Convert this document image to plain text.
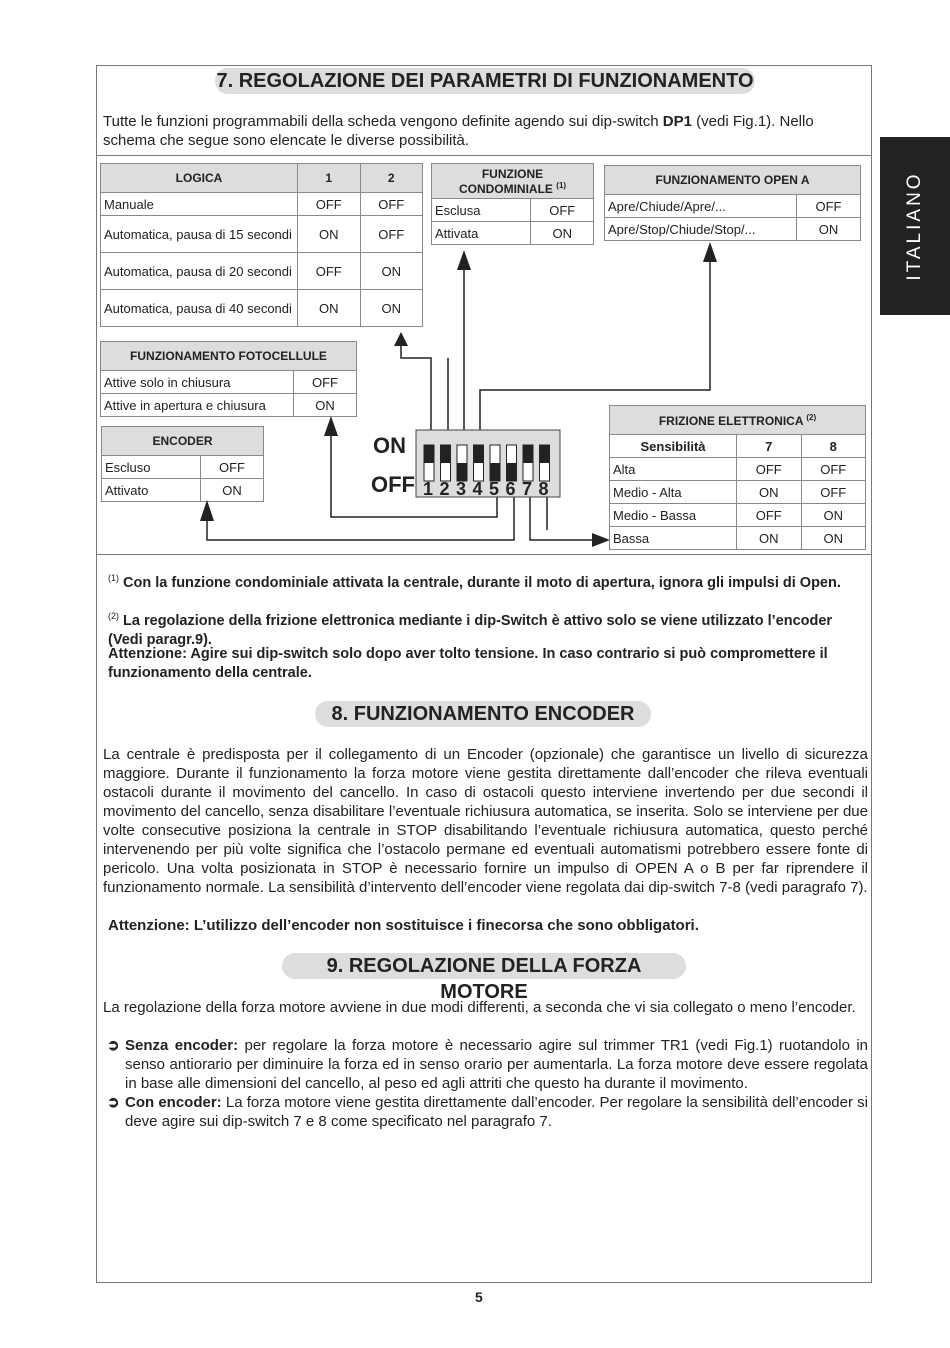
ITALIANO
7. REGOLAZIONE DEI PARAMETRI DI FUNZIONAMENTO
Tutte le funzioni programmabili della scheda vengono definite agendo sui dip-switch DP1 (vedi Fig.1). Nello schema che segue sono elencate le diverse possibilità.
LOGICA	1	2
Manuale	OFF	OFF
Automatica, pausa di 15 secondi	ON	OFF
Automatica, pausa di 20 secondi	OFF	ON
Automatica, pausa di 40 secondi	ON	ON
FUNZIONE CONDOMINIALE $^{(1)}$
Esclusa	OFF
Attivata	ON
FUNZIONAMENTO OPEN A	
Apre/Chiude/Apre/...	OFF
Apre/Stop/Chiude/Stop/...	ON
FUNZIONAMENTO FOTOCELLULE	
Attive solo in chiusura	OFF
Attive in apertura e chiusura	ON
ENCODER	
Escluso	OFF
Attivato	ON
FRIZIONE ELETTRONICA $^{(2)}$
Sensibilità	7	8
Alta	OFF	OFF
Medio - Alta	ON	OFF
Medio - Bassa	OFF	ON
Bassa	ON	ON
ON
OFF 1 2 3 4 5 6 7 8
$^{(1)}$ Con la funzione condominiale attivata la centrale, durante il moto di apertura, ignora gli impulsi di Open.
$^{(2)}$ La regolazione della frizione elettronica mediante i dip-Switch è attivo solo se viene utilizzato l’encoder (Vedi paragr.9).
Attenzione: Agire sui dip-switch solo dopo aver tolto tensione. In caso contrario si può compromettere il funzionamento della centrale.
8. FUNZIONAMENTO ENCODER
La centrale è predisposta per il collegamento di un Encoder (opzionale) che garantisce un livello di sicurezza maggiore. Durante il funzionamento la forza motore viene gestita direttamente dall’encoder che rileva eventuali ostacoli durante il movimento del cancello. In caso di ostacoli questo interviene invertendo per due secondi il movimento del cancello, senza disabilitare l’eventuale richiusura automatica, se inserita. Solo se interviene per due volte consecutive posiziona la centrale in STOP disabilitando l’eventuale richiusura automatica, questo perché intervenendo per più volte significa che l’ostacolo permane ed eventuali automatismi potrebbero essere fonte di pericolo. Una volta posizionata in STOP è necessario fornire un impulso di OPEN A o B per far riprendere il funzionamento normale. La sensibilità d’intervento dell’encoder viene regolata dai dip-switch 7-8 (vedi paragrafo 7).
Attenzione: L’utilizzo dell’encoder non sostituisce i finecorsa che sono obbligatori.
9. REGOLAZIONE DELLA FORZA MOTORE
La regolazione della forza motore avviene in due modi differenti, a seconda che vi sia collegato o meno l’encoder.
➲ Senza encoder: per regolare la forza motore è necessario agire sul trimmer TR1 (vedi Fig.1) ruotandolo in senso antiorario per diminuire la forza ed in senso orario per aumentarla. La forza motore deve essere regolata in base alle dimensioni del cancello, al peso ed agli attriti che questo ha durante il movimento.
➲ Con encoder: La forza motore viene gestita direttamente dall’encoder. Per regolare la sensibilità dell’encoder si deve agire sui dip-switch 7 e 8 come specificato nel paragrafo 7.
5
